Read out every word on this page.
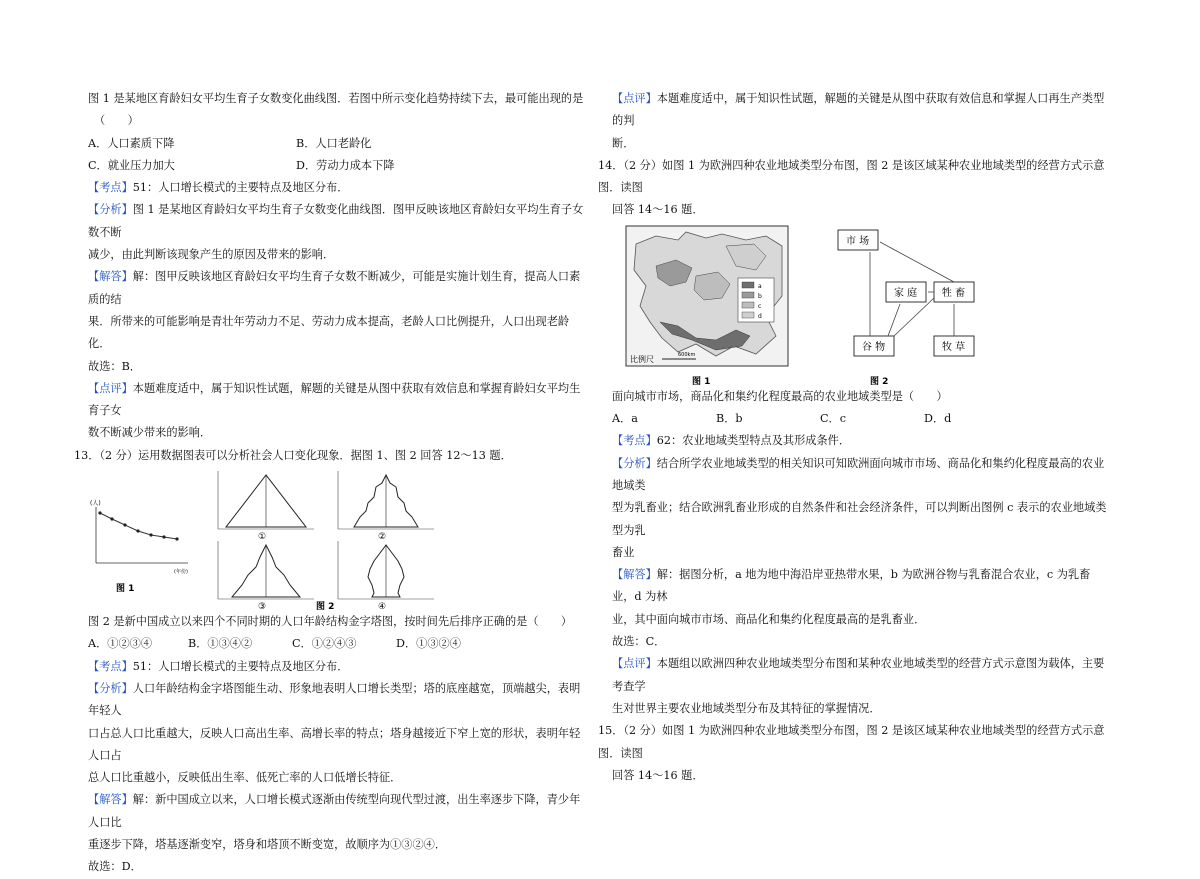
图 1 是某地区育龄妇女平均生育子女数变化曲线图．若图中所示变化趋势持续下去，最可能出现的是

（　　）

A．人口素质下降	B．人口老龄化
C．就业压力加大	D．劳动力成本下降

【考点】51：人口增长模式的主要特点及地区分布．

【分析】图 1 是某地区育龄妇女平均生育子女数变化曲线图．图甲反映该地区育龄妇女平均生育子女数不断

减少，由此判断该现象产生的原因及带来的影响．

【解答】解：图甲反映该地区育龄妇女平均生育子女数不断减少，可能是实施计划生育，提高人口素质的结

果．所带来的可能影响是青壮年劳动力不足、劳动力成本提高，老龄人口比例提升，人口出现老龄化．

故选：B．

【点评】本题难度适中，属于知识性试题，解题的关键是从图中获取有效信息和掌握育龄妇女平均生育子女

数不断减少带来的影响．

13．（2 分）运用数据图表可以分析社会人口变化现象．据图 1、图 2 回答 12～13 题．

(人)
(年份)
图 1
①	②
③	④
图 2

图 2 是新中国成立以来四个不同时期的人口年龄结构金字塔图，按时间先后排序正确的是（　　）

A．①②③④	B．①③④②	C．①②④③	D．①③②④

【考点】51：人口增长模式的主要特点及地区分布．

【分析】人口年龄结构金字塔图能生动、形象地表明人口增长类型；塔的底座越宽，顶端越尖，表明年轻人

口占总人口比重越大，反映人口高出生率、高增长率的特点；塔身越接近下窄上宽的形状，表明年轻人口占

总人口比重越小，反映低出生率、低死亡率的人口低增长特征．

【解答】解：新中国成立以来，人口增长模式逐渐由传统型向现代型过渡，出生率逐步下降，青少年人口比

重逐步下降，塔基逐渐变窄，塔身和塔顶不断变宽，故顺序为①③②④．

故选：D．

【点评】本题难度适中，属于知识性试题，解题的关键是从图中获取有效信息和掌握人口再生产类型的判

断．

14．（2 分）如图 1 为欧洲四种农业地域类型分布图，图 2 是该区域某种农业地域类型的经营方式示意图．读图

回答 14～16 题．

a
b
c
d
比例尺	600km
图 1
市 场
家 庭 牲 畜
谷 物	牧 草
图 2

面向城市市场，商品化和集约化程度最高的农业地域类型是（　　）

A．a	B．b	C．c	D．d

【考点】62：农业地域类型特点及其形成条件．

【分析】结合所学农业地域类型的相关知识可知欧洲面向城市市场、商品化和集约化程度最高的农业地域类

型为乳畜业；结合欧洲乳畜业形成的自然条件和社会经济条件，可以判断出图例 c 表示的农业地域类型为乳

畜业

【解答】解：据图分析，a 地为地中海沿岸亚热带水果，b 为欧洲谷物与乳畜混合农业，c 为乳畜业，d 为林

业，其中面向城市市场、商品化和集约化程度最高的是乳畜业．

故选：C．

【点评】本题组以欧洲四种农业地域类型分布图和某种农业地域类型的经营方式示意图为载体，主要考查学

生对世界主要农业地域类型分布及其特征的掌握情况．

15．（2 分）如图 1 为欧洲四种农业地域类型分布图，图 2 是该区域某种农业地域类型的经营方式示意图．读图

回答 14～16 题．
